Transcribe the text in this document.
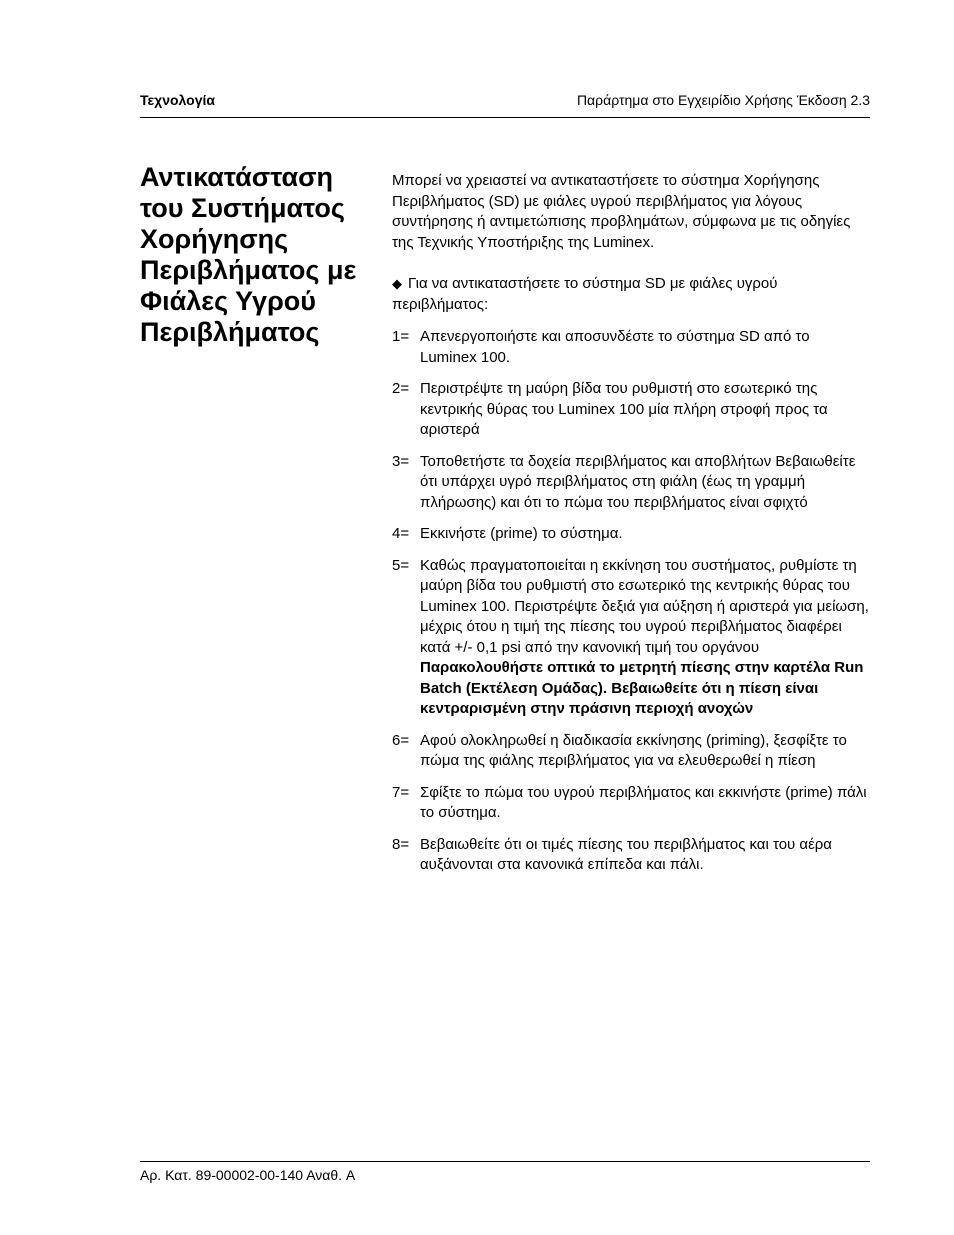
Τεχνολογία	Παράρτημα στο Εγχειρίδιο Χρήσης Έκδοση 2.3
Αντικατάσταση του Συστήματος Χορήγησης Περιβλήματος με Φιάλες Υγρού Περιβλήματος

Μπορεί να χρειαστεί να αντικαταστήσετε το σύστημα Χορήγησης Περιβλήματος (SD) με φιάλες υγρού περιβλήματος για λόγους συντήρησης ή αντιμετώπισης προβλημάτων, σύμφωνα με τις οδηγίες της Τεχνικής Υποστήριξης της Luminex.

◆ Για να αντικαταστήσετε το σύστημα SD με φιάλες υγρού περιβλήματος:

1= Απενεργοποιήστε και αποσυνδέστε το σύστημα SD από το Luminex 100.
2= Περιστρέψτε τη μαύρη βίδα του ρυθμιστή στο εσωτερικό της κεντρικής θύρας του Luminex 100 μία πλήρη στροφή προς τα αριστερά
3= Τοποθετήστε τα δοχεία περιβλήματος και αποβλήτων Βεβαιωθείτε ότι υπάρχει υγρό περιβλήματος στη φιάλη (έως τη γραμμή πλήρωσης) και ότι το πώμα του περιβλήματος είναι σφιχτό
4= Εκκινήστε (prime) το σύστημα.
5= Καθώς πραγματοποιείται η εκκίνηση του συστήματος, ρυθμίστε τη μαύρη βίδα του ρυθμιστή στο εσωτερικό της κεντρικής θύρας του Luminex 100. Περιστρέψτε δεξιά για αύξηση ή αριστερά για μείωση, μέχρις ότου η τιμή της πίεσης του υγρού περιβλήματος διαφέρει κατά +/- 0,1 psi από την κανονική τιμή του οργάνου
Παρακολουθήστε οπτικά το μετρητή πίεσης στην καρτέλα Run Batch (Εκτέλεση Ομάδας). Βεβαιωθείτε ότι η πίεση είναι κεντραρισμένη στην πράσινη περιοχή ανοχών
6= Αφού ολοκληρωθεί η διαδικασία εκκίνησης (priming), ξεσφίξτε το πώμα της φιάλης περιβλήματος για να ελευθερωθεί η πίεση
7= Σφίξτε το πώμα του υγρού περιβλήματος και εκκινήστε (prime) πάλι το σύστημα.
8= Βεβαιωθείτε ότι οι τιμές πίεσης του περιβλήματος και του αέρα αυξάνονται στα κανονικά επίπεδα και πάλι.
Αρ. Κατ. 89-00002-00-140 Αναθ. A
